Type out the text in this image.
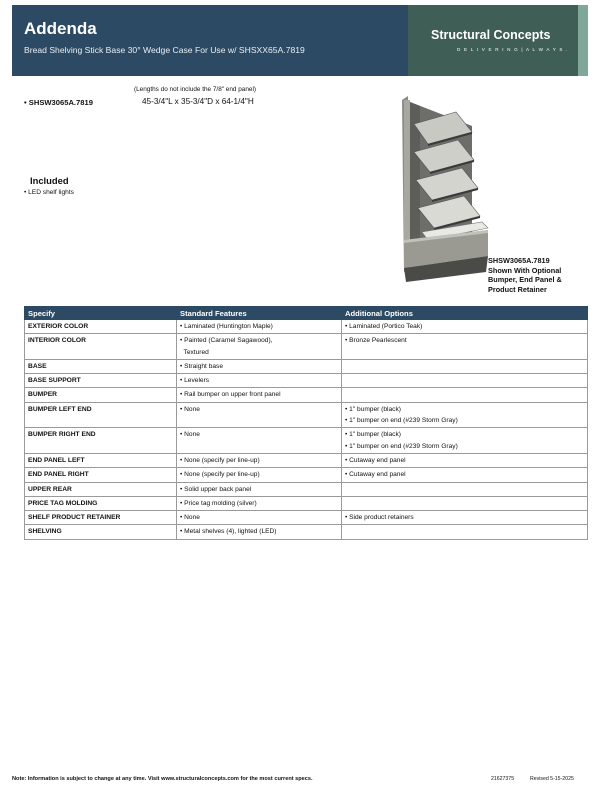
Addenda
Bread Shelving Stick Base 30° Wedge Case For Use w/ SHSXX65A.7819
Structural Concepts
D E L I V E R I N G | A L W A Y S .
(Lengths do not include the 7/8" end panel)
• SHSW3065A.7819	45-3/4"L x 35-3/4"D x 64-1/4"H
Included
• LED shelf lights
SHSW3065A.7819
Shown With Optional
Bumper, End Panel &
Product Retainer
Specify	Standard Features	Additional Options
EXTERIOR COLOR	• Laminated (Huntington Maple)	• Laminated (Portico Teak)

INTERIOR COLOR	• Painted (Caramel Sagawood),
Textured	• Bronze Pearlescent

BASE	• Straight base	

BASE SUPPORT	• Levelers	

BUMPER	• Rail bumper on upper front panel	

BUMPER LEFT END	• None	• 1" bumper (black)
• 1" bumper on end (#239 Storm Gray)

BUMPER RIGHT END	• None	• 1" bumper (black)
• 1" bumper on end (#239 Storm Gray)

END PANEL LEFT	• None (specify per line-up)	• Cutaway end panel

END PANEL RIGHT	• None (specify per line-up)	• Cutaway end panel

UPPER REAR	• Solid upper back panel	

PRICE TAG MOLDING	• Price tag molding (silver)	

SHELF PRODUCT RETAINER	• None	• Side product retainers

SHELVING	• Metal shelves (4), lighted (LED)	

Note: Information is subject to change at any time. Visit www.structuralconcepts.com for the most current specs.	21627375	Revised 5-15-2025
